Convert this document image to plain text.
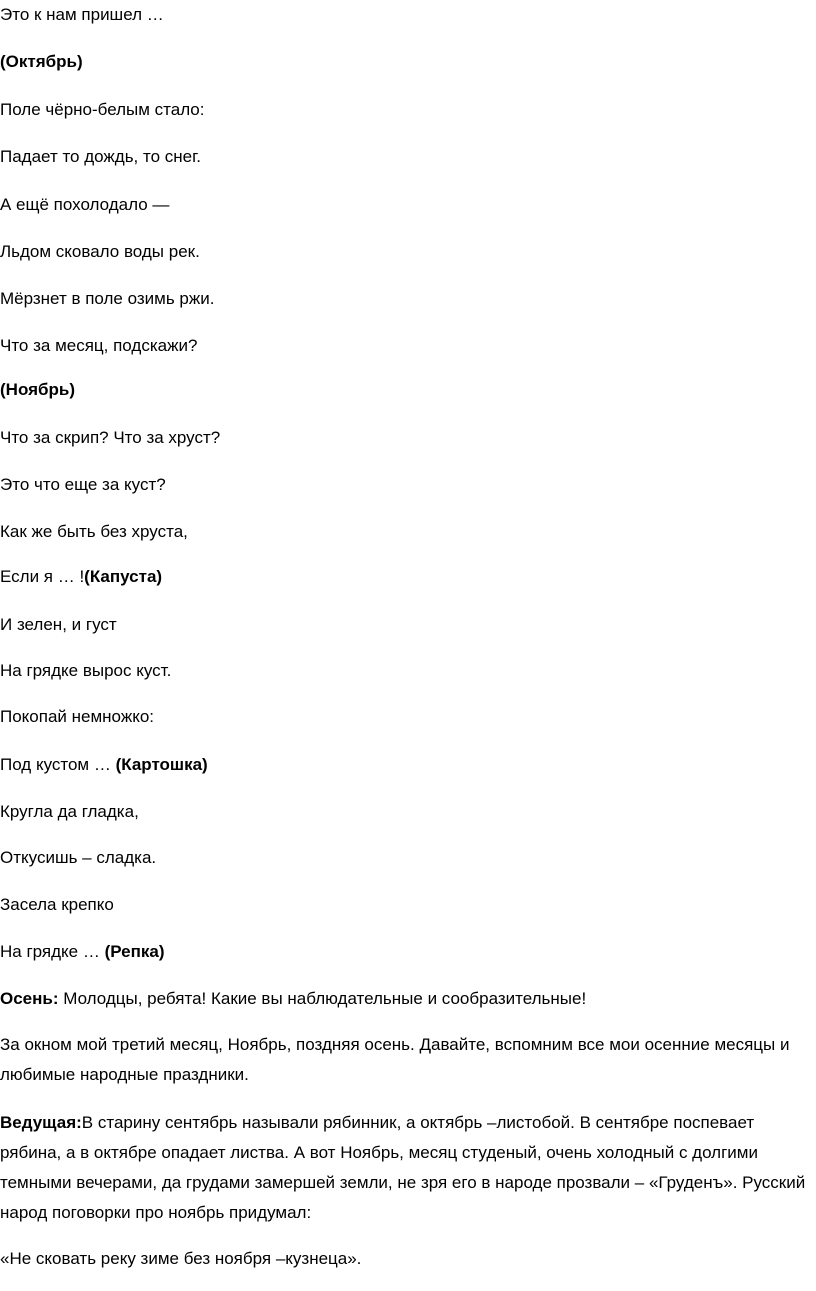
Это к нам пришел …

(Октябрь)

Поле чёрно-белым стало:

Падает то дождь, то снег.

А ещё похолодало —

Льдом сковало воды рек.

Мёрзнет в поле озимь ржи.

Что за месяц, подскажи?

(Ноябрь)

Что за скрип? Что за хруст?

Это что еще за куст?

Как же быть без хруста,

Если я … !(Капуста)

И зелен, и густ

На грядке вырос куст.

Покопай немножко:

Под кустом … (Картошка)

Кругла да гладка,

Откусишь – сладка.

Засела крепко

На грядке … (Репка)

Осень: Молодцы, ребята! Какие вы наблюдательные и сообразительные!

За окном мой третий месяц, Ноябрь, поздняя осень. Давайте, вспомним все мои осенние месяцы и любимые народные праздники.

Ведущая:В старину сентябрь называли рябинник, а октябрь –листобой. В сентябре поспевает рябина, а в октябре опадает листва. А вот Ноябрь, месяц студеный, очень холодный с долгими темными вечерами, да грудами замершей земли, не зря его в народе прозвали – «Груденъ». Русский народ поговорки про ноябрь придумал:

«Не сковать реку зиме без ноября –кузнеца».
